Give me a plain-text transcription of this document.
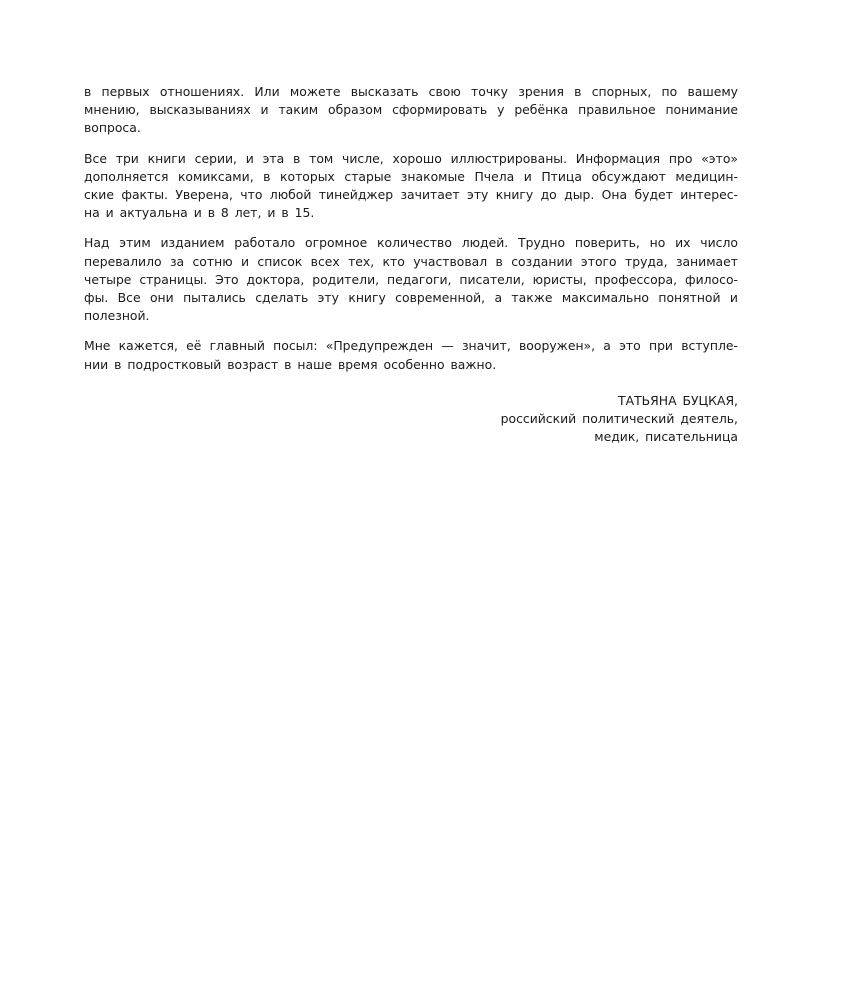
в первых отношениях. Или можете высказать свою точку зрения в спорных, по вашему
мнению, высказываниях и таким образом сформировать у ребёнка правильное понимание
вопроса.

Все три книги серии, и эта в том числе, хорошо иллюстрированы. Информация про «это»
дополняется комиксами, в которых старые знакомые Пчела и Птица обсуждают медицин-
ские факты. Уверена, что любой тинейджер зачитает эту книгу до дыр. Она будет интерес-
на и актуальна и в 8 лет, и в 15.

Над этим изданием работало огромное количество людей. Трудно поверить, но их число
перевалило за сотню и список всех тех, кто участвовал в создании этого труда, занимает
четыре страницы. Это доктора, родители, педагоги, писатели, юристы, профессора, филосо-
фы. Все они пытались сделать эту книгу современной, а также максимально понятной и
полезной.

Мне кажется, её главный посыл: «Предупрежден — значит, вооружен», а это при вступле-
нии в подростковый возраст в наше время особенно важно.

ТАТЬЯНА БУЦКАЯ,
российский политический деятель,
медик, писательница
